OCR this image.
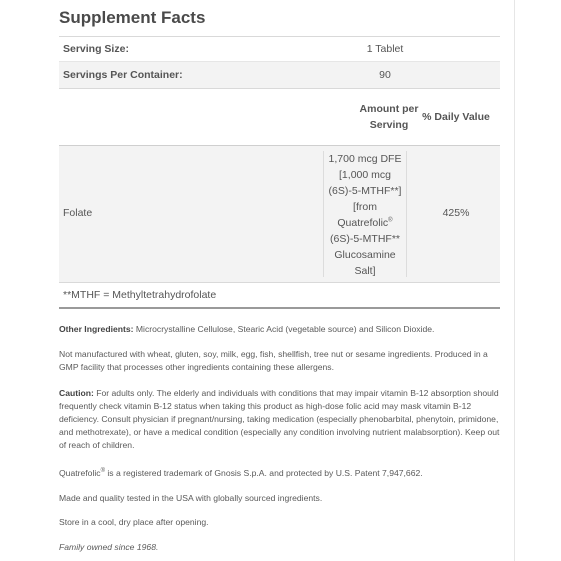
Supplement Facts
Serving Size:	1 Tablet
Servings Per Container:	90
Amount per
Serving
% Daily Value
Folate
1,700 mcg DFE
[1,000 mcg
(6S)-5-MTHF**]
[from
Quatrefolic®
(6S)-5-MTHF**
Glucosamine
Salt]
425%
**MTHF = Methyltetrahydrofolate

Other Ingredients: Microcrystalline Cellulose, Stearic Acid (vegetable source) and Silicon Dioxide.

Not manufactured with wheat, gluten, soy, milk, egg, fish, shellfish, tree nut or sesame ingredients. Produced in a GMP facility that processes other ingredients containing these allergens.

Caution: For adults only. The elderly and individuals with conditions that may impair vitamin B-12 absorption should frequently check vitamin B-12 status when taking this product as high-dose folic acid may mask vitamin B-12 deficiency. Consult physician if pregnant/nursing, taking medication (especially phenobarbital, phenytoin, primidone, and methotrexate), or have a medical condition (especially any condition involving nutrient malabsorption). Keep out of reach of children.

Quatrefolic® is a registered trademark of Gnosis S.p.A. and protected by U.S. Patent 7,947,662.

Made and quality tested in the USA with globally sourced ingredients.

Store in a cool, dry place after opening.

Family owned since 1968.
